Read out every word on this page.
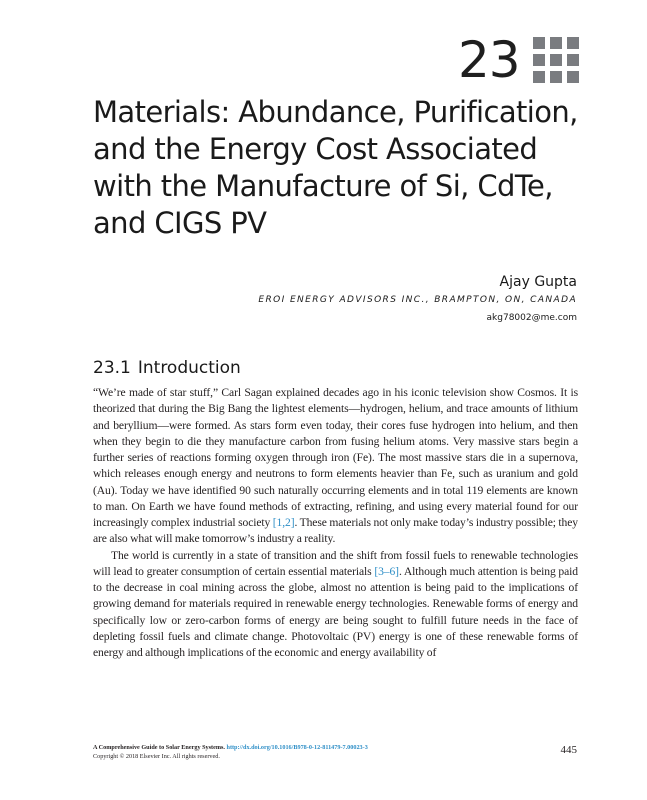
23
Materials: Abundance, Purification, and the Energy Cost Associated with the Manufacture of Si, CdTe, and CIGS PV
Ajay Gupta
EROI ENERGY ADVISORS INC., BRAMPTON, ON, CANADA
akg78002@me.com
23.1 Introduction

“We’re made of star stuff,” Carl Sagan explained decades ago in his iconic television show Cosmos. It is theorized that during the Big Bang the lightest elements—hydrogen, helium, and trace amounts of lithium and beryllium—were formed. As stars form even today, their cores fuse hydrogen into helium, and then when they begin to die they manufacture carbon from fusing helium atoms. Very massive stars begin a further series of reactions forming oxygen through iron (Fe). The most massive stars die in a supernova, which releases enough energy and neutrons to form elements heavier than Fe, such as uranium and gold (Au). Today we have identified 90 such naturally occurring elements and in total 119 elements are known to man. On Earth we have found methods of extracting, refining, and using every material found for our increasingly complex industrial society [1,2]. These materials not only make today’s industry possible; they are also what will make tomorrow’s industry a reality.

The world is currently in a state of transition and the shift from fossil fuels to renewable technologies will lead to greater consumption of certain essential materials [3–6]. Although much attention is being paid to the decrease in coal mining across the globe, almost no attention is being paid to the implications of growing demand for materials required in renewable energy technologies. Renewable forms of energy and specifically low or zero-carbon forms of energy are being sought to fulfill future needs in the face of depleting fossil fuels and climate change. Photovoltaic (PV) energy is one of these renewable forms of energy and although implications of the economic and energy availability of

A Comprehensive Guide to Solar Energy Systems. http://dx.doi.org/10.1016/B978-0-12-811479-7.00023-3
Copyright © 2018 Elsevier Inc. All rights reserved.
445
